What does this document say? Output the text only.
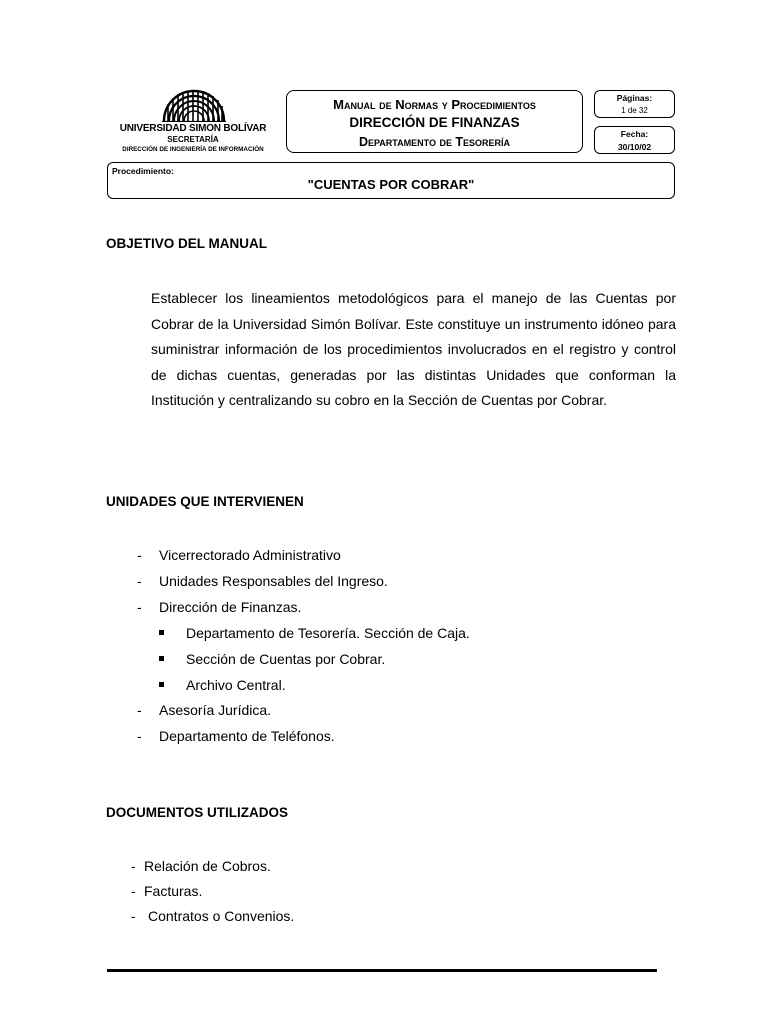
UNIVERSIDAD SIMON BOLÍVAR
SECRETARÍA
DIRECCIÓN DE INGENIERÍA DE INFORMACIÓN
Manual de Normas y Procedimientos
DIRECCIÓN DE FINANZAS
Departamento de Tesorería
Páginas:
1 de 32
Fecha:
30/10/02
Procedimiento:
"CUENTAS POR COBRAR"
OBJETIVO DEL MANUAL
Establecer los lineamientos metodológicos para el manejo de las Cuentas por Cobrar de la Universidad Simón Bolívar. Este constituye un instrumento idóneo para suministrar información de los procedimientos involucrados en el registro y control de dichas cuentas, generadas por las distintas Unidades que conforman la Institución y centralizando su cobro en la Sección de Cuentas por Cobrar.
UNIDADES QUE INTERVIENEN
- Vicerrectorado Administrativo
- Unidades Responsables del Ingreso.
- Dirección de Finanzas.
Departamento de Tesorería. Sección de Caja.
Sección de Cuentas por Cobrar.
Archivo Central.
- Asesoría Jurídica.
- Departamento de Teléfonos.
DOCUMENTOS UTILIZADOS
- Relación de Cobros.
- Facturas.
- Contratos o Convenios.
